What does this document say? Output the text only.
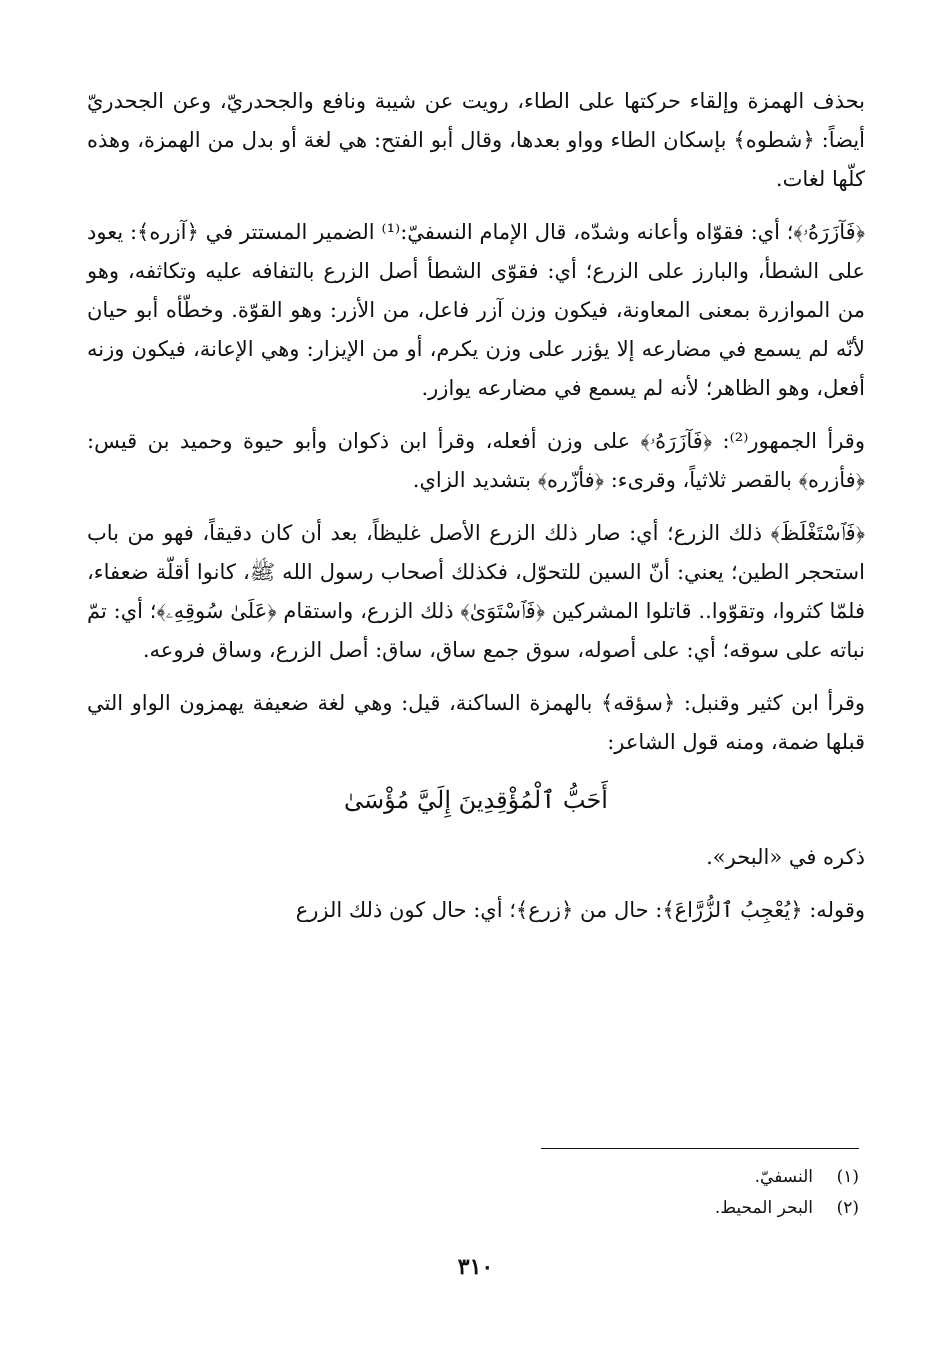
بحذف الهمزة وإلقاء حركتها على الطاء، رويت عن شيبة ونافع والجحدريّ، وعن الجحدريّ أيضاً: ﴿شطوه﴾ بإسكان الطاء وواو بعدها، وقال أبو الفتح: هي لغة أو بدل من الهمزة، وهذه كلّها لغات.

﴿فَآزَرَهُۥ﴾؛ أي: فقوّاه وأعانه وشدّه، قال الإمام النسفيّ:⁽¹⁾ الضمير المستتر في ﴿آزره﴾: يعود على الشطأ، والبارز على الزرع؛ أي: فقوّى الشطأ أصل الزرع بالتفافه عليه وتكاثفه، وهو من الموازرة بمعنى المعاونة، فيكون وزن آزر فاعل، من الأزر: وهو القوّة. وخطّأه أبو حيان لأنّه لم يسمع في مضارعه إلا يؤزر على وزن يكرم، أو من الإيزار: وهي الإعانة، فيكون وزنه أفعل، وهو الظاهر؛ لأنه لم يسمع في مضارعه يوازر.

وقرأ الجمهور⁽²⁾: ﴿فَآزَرَهُۥ﴾ على وزن أفعله، وقرأ ابن ذكوان وأبو حيوة وحميد بن قيس: ﴿فأزره﴾ بالقصر ثلاثياً، وقرىء: ﴿فأزّره﴾ بتشديد الزاي.

﴿فَٱسْتَغْلَظَ﴾ ذلك الزرع؛ أي: صار ذلك الزرع الأصل غليظاً، بعد أن كان دقيقاً، فهو من باب استحجر الطين؛ يعني: أنّ السين للتحوّل، فكذلك أصحاب رسول الله ﷺ، كانوا أقلّة ضعفاء، فلمّا كثروا، وتقوّوا.. قاتلوا المشركين ﴿فَٱسْتَوَىٰ﴾ ذلك الزرع، واستقام ﴿عَلَىٰ سُوقِهِۦ﴾؛ أي: تمّ نباته على سوقه؛ أي: على أصوله، سوق جمع ساق، ساق: أصل الزرع، وساق فروعه.

وقرأ ابن كثير وقنبل: ﴿سؤقه﴾ بالهمزة الساكنة، قيل: وهي لغة ضعيفة يهمزون الواو التي قبلها ضمة، ومنه قول الشاعر:

أَحَبُّ ٱلْمُؤْقِدِينَ إِلَيَّ مُؤْسَىٰ

ذكره في «البحر».

وقوله: ﴿يُعْجِبُ ٱلزُّرَّاعَ﴾: حال من ﴿زرع﴾؛ أي: حال كون ذلك الزرع

(١)
النسفيّ.
(٢)
البحر المحيط.
٣١٠
